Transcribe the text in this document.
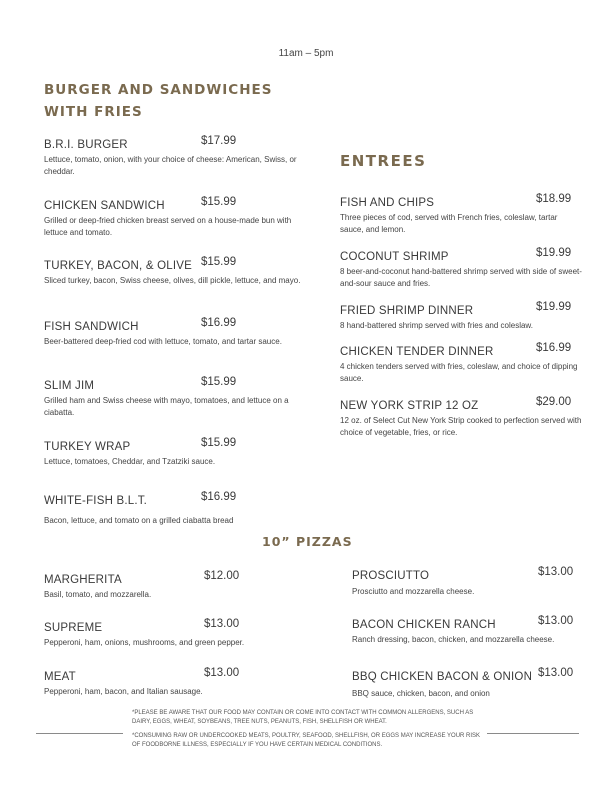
11am – 5pm
BURGER AND SANDWICHES
WITH FRIES
B.R.I. BURGER	$17.99
Lettuce, tomato, onion, with your choice of cheese: American, Swiss, or cheddar.
CHICKEN SANDWICH	$15.99
Grilled or deep-fried chicken breast served on a house-made bun with lettuce and tomato.
TURKEY, BACON, & OLIVE $15.99
Sliced turkey, bacon, Swiss cheese, olives, dill pickle, lettuce, and mayo.
FISH SANDWICH	$16.99
Beer-battered deep-fried cod with lettuce, tomato, and tartar sauce.
SLIM JIM	$15.99
Grilled ham and Swiss cheese with mayo, tomatoes, and lettuce on a ciabatta.
TURKEY WRAP	$15.99
Lettuce, tomatoes, Cheddar, and Tzatziki sauce.
WHITE-FISH B.L.T.	$16.99
Bacon, lettuce, and tomato on a grilled ciabatta bread
ENTREES
FISH AND CHIPS	$18.99
Three pieces of cod, served with French fries, coleslaw, tartar sauce, and lemon.
COCONUT SHRIMP	$19.99
8 beer-and-coconut hand-battered shrimp served with side of sweet-and-sour sauce and fries.
FRIED SHRIMP DINNER	$19.99
8 hand-battered shrimp served with fries and coleslaw.
CHICKEN TENDER DINNER	$16.99
4 chicken tenders served with fries, coleslaw, and choice of dipping sauce.
NEW YORK STRIP 12 OZ	$29.00
12 oz. of Select Cut New York Strip cooked to perfection served with choice of vegetable, fries, or rice.
10” PIZZAS
MARGHERITA	$12.00
Basil, tomato, and mozzarella.
SUPREME	$13.00
Pepperoni, ham, onions, mushrooms, and green pepper.
MEAT	$13.00
Pepperoni, ham, bacon, and Italian sausage.
PROSCIUTTO	$13.00
Prosciutto and mozzarella cheese.
BACON CHICKEN RANCH	$13.00
Ranch dressing, bacon, chicken, and mozzarella cheese.
BBQ CHICKEN BACON & ONION $13.00
BBQ sauce, chicken, bacon, and onion

*PLEASE BE AWARE THAT OUR FOOD MAY CONTAIN OR COME INTO CONTACT WITH COMMON ALLERGENS, SUCH AS DAIRY, EGGS, WHEAT, SOYBEANS, TREE NUTS, PEANUTS, FISH, SHELLFISH OR WHEAT.

*CONSUMING RAW OR UNDERCOOKED MEATS, POULTRY, SEAFOOD, SHELLFISH, OR EGGS MAY INCREASE YOUR RISK OF FOODBORNE ILLNESS, ESPECIALLY IF YOU HAVE CERTAIN MEDICAL CONDITIONS.
